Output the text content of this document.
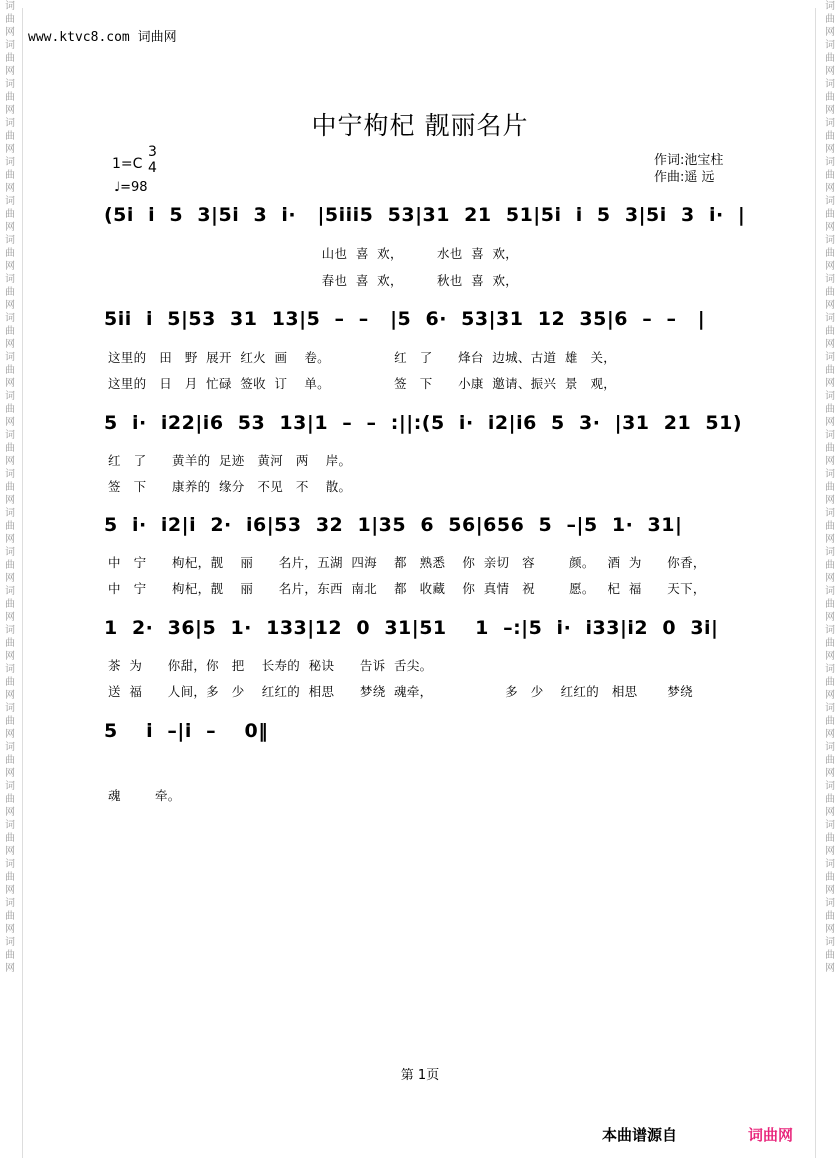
词曲网词曲网词曲网词曲网词曲网词曲网词曲网词曲网词曲网词曲网词曲网词曲网词曲网词曲网词曲网词曲网词曲网词曲网词曲网词曲网词曲网词曲网词曲网词曲网词曲网
词曲网词曲网词曲网词曲网词曲网词曲网词曲网词曲网词曲网词曲网词曲网词曲网词曲网词曲网词曲网词曲网词曲网词曲网词曲网词曲网词曲网词曲网词曲网词曲网词曲网
www.ktvc8.com 词曲网
中宁枸杞 靓丽名片
1=C
3
4
♩=98
作词:池宝柱
作曲:遥 远
(5i  i  5  3|5i  3  i·   |5iii5  53|31  21  51|5i  i  5  3|5i  3  i·  |
山也  喜  欢，        水也  喜  欢，
春也  喜  欢，        秋也  喜  欢，
5ii  i  5|53  31  13|5  –  –   |5  6·  53|31  12  35|6  –  –   |
这里的   田   野  展开  红火  画    卷。               红   了      烽台  边城、古道  雄   关，
这里的   日   月  忙碌  签收  订    单。               签   下      小康  邀请、振兴  景   观，
5  i·  i22|i6  53  13|1  –  –  :||:(5  i·  i2|i6  5  3·  |31  21  51)
红   了      黄羊的  足迹   黄河   两    岸。
签   下      康养的  缘分   不见   不    散。
5  i·  i2|i  2·  i6|53  32  1|35  6  56|656  5  –|5  1·  31|
中   宁      枸杞，靓    丽      名片，五湖  四海    都   熟悉    你  亲切   容        颜。   酒  为      你香，
中   宁      枸杞，靓    丽      名片，东西  南北    都   收藏    你  真情   祝        愿。   杞  福      天下，
1  2·  36|5  1·  133|12  0  31|51    1  –:|5  i·  i33|i2  0  3i|
茶  为      你甜，你   把    长寿的  秘诀      告诉  舌尖。
送  福      人间，多   少    红红的  相思      梦绕  魂牵，                 多   少    红红的   相思       梦绕
5    i  –|i  –    0‖
魂        牵。
第 1页
本曲谱源自	词曲网
